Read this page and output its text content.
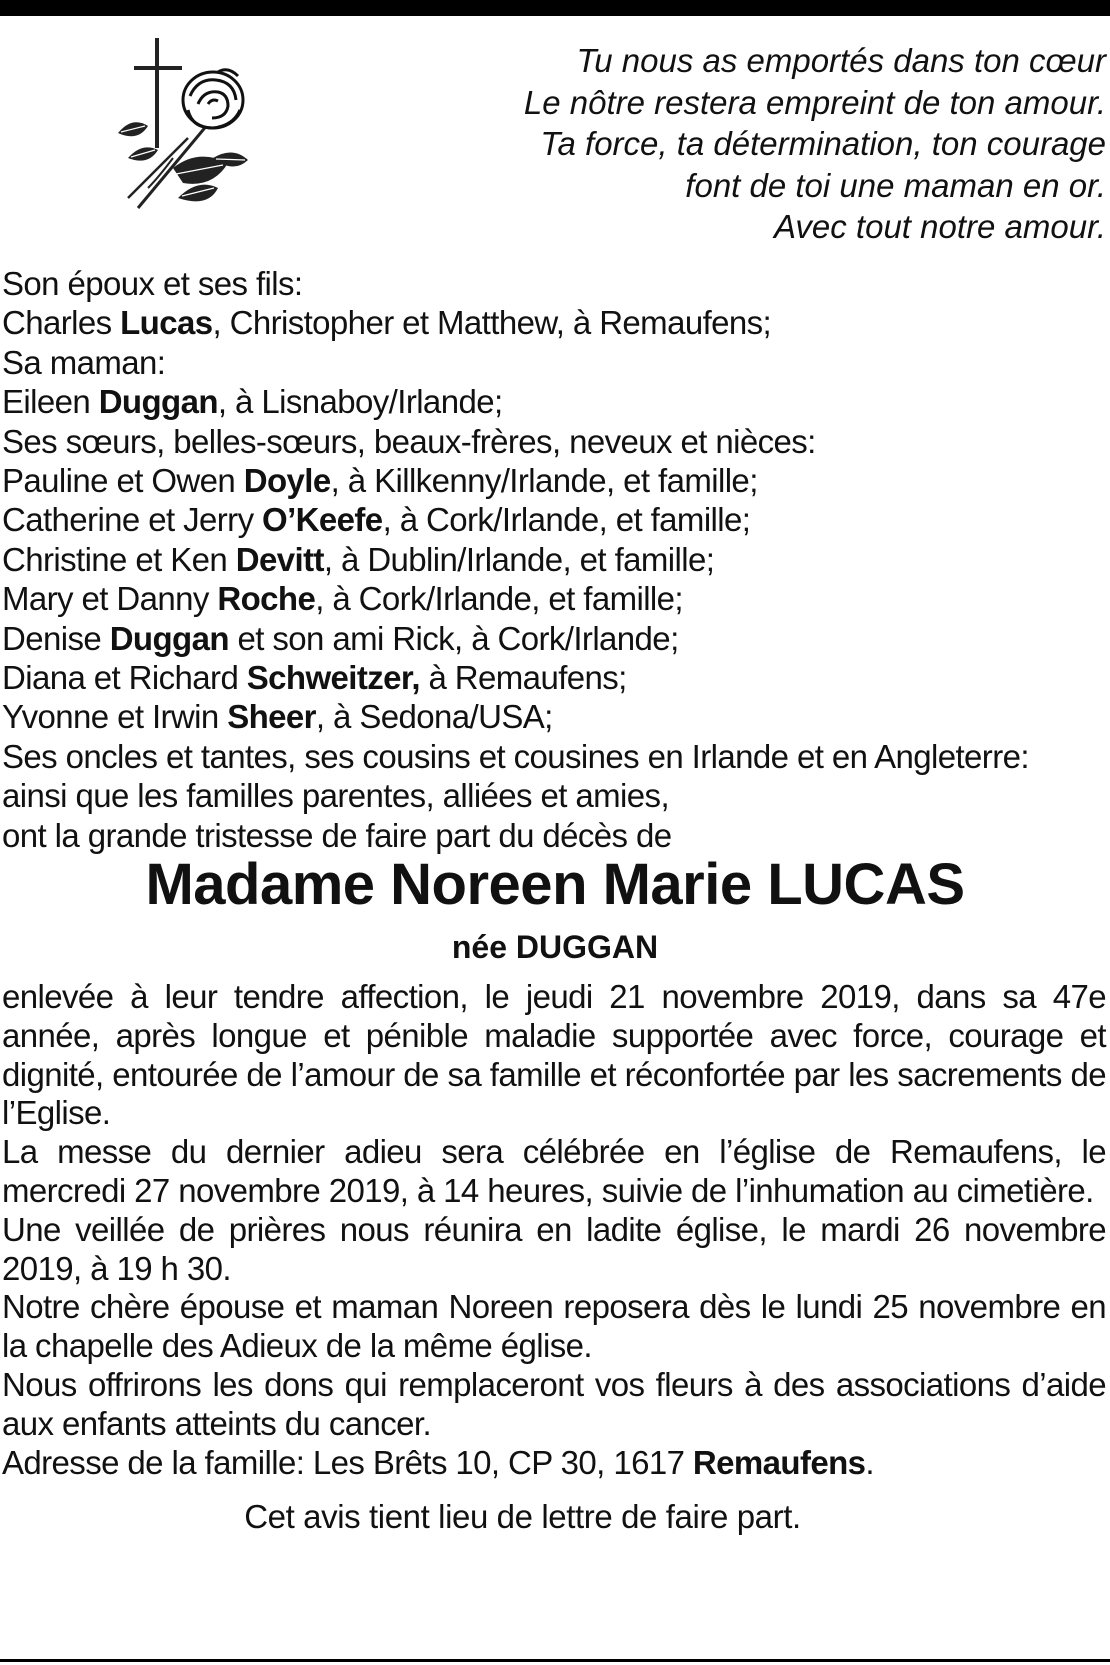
Tu nous as emportés dans ton cœur
Le nôtre restera empreint de ton amour.
Ta force, ta détermination, ton courage
font de toi une maman en or.
Avec tout notre amour.
Son époux et ses fils:
Charles Lucas, Christopher et Matthew, à Remaufens;
Sa maman:
Eileen Duggan, à Lisnaboy/Irlande;
Ses sœurs, belles-sœurs, beaux-frères, neveux et nièces:
Pauline et Owen Doyle, à Killkenny/Irlande, et famille;
Catherine et Jerry O’Keefe, à Cork/Irlande, et famille;
Christine et Ken Devitt, à Dublin/Irlande, et famille;
Mary et Danny Roche, à Cork/Irlande, et famille;
Denise Duggan et son ami Rick, à Cork/Irlande;
Diana et Richard Schweitzer, à Remaufens;
Yvonne et Irwin Sheer, à Sedona/USA;
Ses oncles et tantes, ses cousins et cousines en Irlande et en Angleterre:
ainsi que les familles parentes, alliées et amies,
ont la grande tristesse de faire part du décès de
Madame Noreen Marie LUCAS
née DUGGAN

enlevée à leur tendre affection, le jeudi 21 novembre 2019, dans sa 47e année, après longue et pénible maladie supportée avec force, courage et dignité, entourée de l’amour de sa famille et réconfortée par les sacrements de l’Eglise.

La messe du dernier adieu sera célébrée en l’église de Remaufens, le mercredi 27 novembre 2019, à 14 heures, suivie de l’inhumation au cimetière.

Une veillée de prières nous réunira en ladite église, le mardi 26 novembre 2019, à 19 h 30.

Notre chère épouse et maman Noreen reposera dès le lundi 25 novembre en la chapelle des Adieux de la même église.

Nous offrirons les dons qui remplaceront vos fleurs à des associations d’aide aux enfants atteints du cancer.

Adresse de la famille: Les Brêts 10, CP 30, 1617 Remaufens.

Cet avis tient lieu de lettre de faire part.
